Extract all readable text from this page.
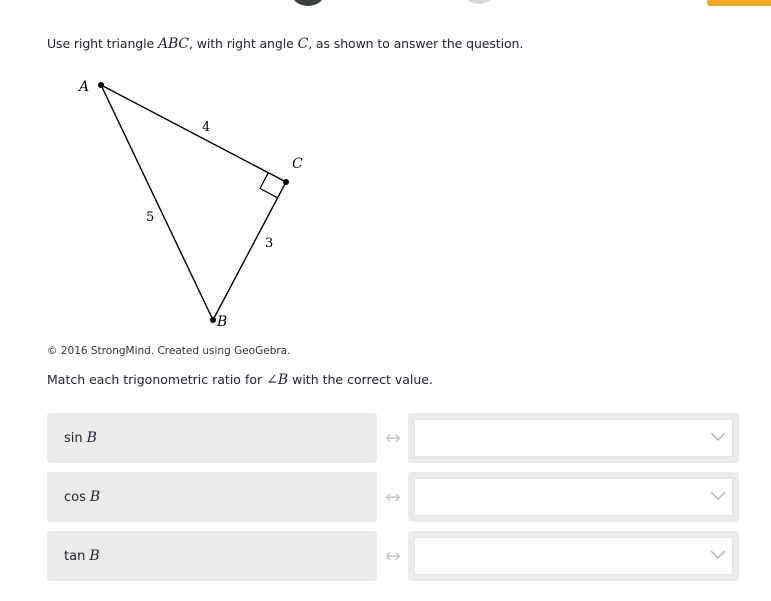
Use right triangle ABC, with right angle C, as shown to answer the question.
A
C
B
4
5
3
© 2016 StrongMind. Created using GeoGebra.
Match each trigonometric ratio for ∠B with the correct value.
sin B	↔
cos B	↔
tan B	↔
